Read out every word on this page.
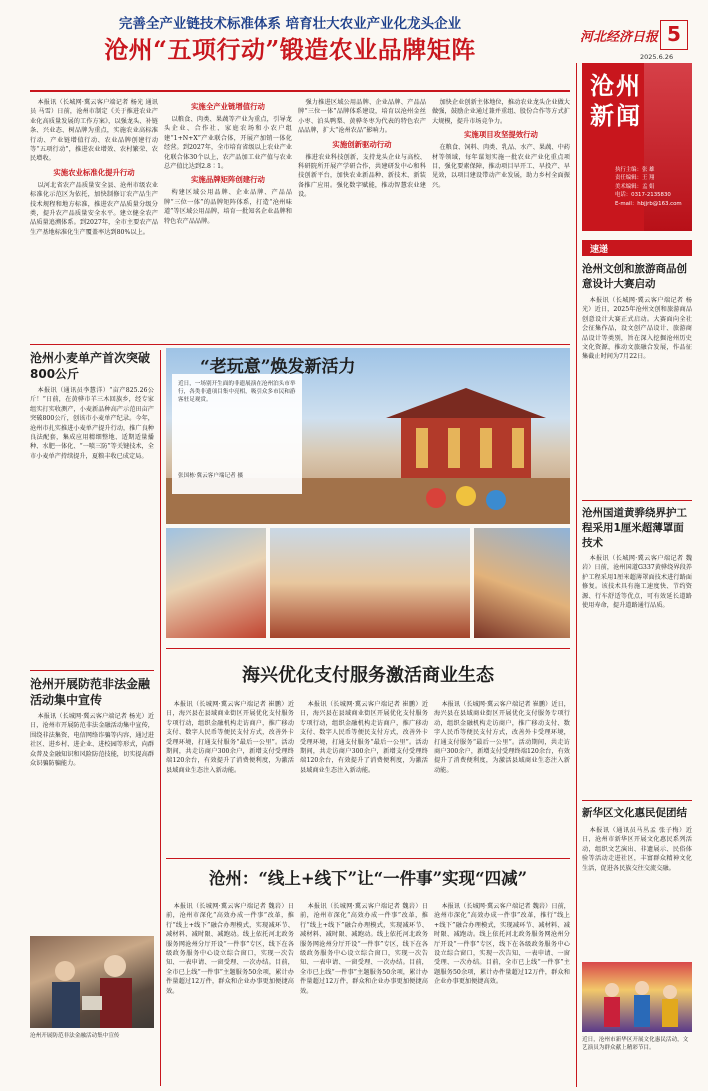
完善全产业链技术标准体系 培育壮大农业产业化龙头企业
沧州“五项行动”锻造农业品牌矩阵	河北经济日报 5
2025.6.26
沧州新闻
执行主编：张 雄
责任编辑：王 翔
美术编辑：孟 娟
电话：0317-2135830
E-mail：hbjjrb@163.com
速递

本报讯（长城网·冀云客户端记者 杨光 通讯员 马雪）日前，沧州市制定《关于推进农业产业化高质量发展的工作方案》，以强龙头、补链条、兴业态、树品牌为重点，实施农业高标准行动、产业链增值行动、农业品牌创建行动等“五项行动”，推进农业增效、农村繁荣、农民增收。

实施农业标准化提升行动

以河北省农产品质量安全县、沧州市级农业标准化示范区为依托，加快制修订农产品生产技术规程和地方标准，推进农产品质量分级分类，提升农产品质量安全水平。建立健全农产品质量追溯体系。到2027年，全市主要农产品生产基地标准化生产覆盖率达到80%以上。

实施全产业链增值行动

以粮食、肉类、果蔬等产业为重点，引导龙头企业、合作社、家庭农场和小农户组建“1+N+X”产业联合体，开展产加销一体化经营。到2027年，全市培育省级以上农业产业化联合体30个以上，农产品加工业产值与农业总产值比达到2.8∶1。

实施品牌矩阵创建行动

构建区域公用品牌、企业品牌、产品品牌“三位一体”的品牌矩阵体系，打造“沧州味道”等区域公用品牌，培育一批知名企业品牌和特色农产品品牌。

强力推进区域公用品牌、企业品牌、产品品牌“三位一体”品牌体系建设，培育以沧州金丝小枣、泊头鸭梨、黄骅冬枣为代表的特色农产品品牌，扩大“沧州农品”影响力。

实施创新驱动行动

推进农业科技创新，支持龙头企业与高校、科研院所开展产学研合作，共建研发中心和科技创新平台，加快农业新品种、新技术、新装备推广应用。强化数字赋能，推动智慧农业建设。

加快企业创新主体地位，推动农业龙头企业做大做强，鼓励企业通过兼并重组、股份合作等方式扩大规模，提升市场竞争力。

实施项目攻坚提效行动

在粮食、饲料、肉类、乳品、水产、果蔬、中药材等领域，每年谋划实施一批农业产业化重点项目，强化要素保障，推动项目早开工、早投产、早见效，以项目建设带动产业发展，助力乡村全面振兴。

沧州小麦单产首次突破800公斤

本报讯（通讯员李慧洋）“亩产825.26公斤！”日前，在黄骅市羊三木回族乡，经专家组实打实收测产，小麦新品种高产示范田亩产突破800公斤，创该市小麦单产纪录。今年，沧州市扎实推进小麦单产提升行动，推广良种良法配套，集成应用精细整地、适期适量播种、水肥一体化、“一喷三防”等关键技术，全市小麦单产持续提升，夏粮丰收已成定局。

沧州开展防范非法金融活动集中宣传

本报讯（长城网·冀云客户端记者 杨光）近日，沧州市开展防范非法金融活动集中宣传，围绕非法集资、电信网络诈骗等内容，通过进社区、进乡村、进企业、进校园等形式，向群众普及金融知识和风险防范技能，切实提高群众识骗防骗能力。

沧州开展防范非法金融活动集中宣传
近日，一场别开生面的非遗展演在沧州泊头市举行，各类非遗项目集中亮相，吸引众多市民和游客驻足观赏。
张国栋·冀云客户端记者 摄
“老玩意”焕发新活力
海兴优化支付服务激活商业生态

本报讯（长城网·冀云客户端记者 崔鹏）近日，海兴县在县域商业街区开展优化支付服务专项行动，组织金融机构走访商户，推广移动支付、数字人民币等便民支付方式，改善外卡受理环境，打通支付服务“最后一公里”。活动期间，共走访商户300余户，新增支付受理终端120余台，有效提升了消费便利度，为激活县域商业生态注入新动能。

本报讯（长城网·冀云客户端记者 崔鹏）近日，海兴县在县域商业街区开展优化支付服务专项行动，组织金融机构走访商户，推广移动支付、数字人民币等便民支付方式，改善外卡受理环境，打通支付服务“最后一公里”。活动期间，共走访商户300余户，新增支付受理终端120余台，有效提升了消费便利度，为激活县域商业生态注入新动能。

本报讯（长城网·冀云客户端记者 崔鹏）近日，海兴县在县域商业街区开展优化支付服务专项行动，组织金融机构走访商户，推广移动支付、数字人民币等便民支付方式，改善外卡受理环境，打通支付服务“最后一公里”。活动期间，共走访商户300余户，新增支付受理终端120余台，有效提升了消费便利度，为激活县域商业生态注入新动能。

沧州：“线上+线下”让“一件事”实现“四减”

本报讯（长城网·冀云客户端记者 魏岩）日前，沧州市深化“高效办成一件事”改革，推行“线上+线下”融合办理模式，实现减环节、减材料、减时限、减跑动。线上依托河北政务服务网沧州分厅开设“一件事”专区，线下在各级政务服务中心设立综合窗口，实现一次告知、一表申请、一窗受理、一次办结。目前，全市已上线“一件事”主题服务50余项，累计办件量超过12万件，群众和企业办事更加便捷高效。

本报讯（长城网·冀云客户端记者 魏岩）日前，沧州市深化“高效办成一件事”改革，推行“线上+线下”融合办理模式，实现减环节、减材料、减时限、减跑动。线上依托河北政务服务网沧州分厅开设“一件事”专区，线下在各级政务服务中心设立综合窗口，实现一次告知、一表申请、一窗受理、一次办结。目前，全市已上线“一件事”主题服务50余项，累计办件量超过12万件，群众和企业办事更加便捷高效。

本报讯（长城网·冀云客户端记者 魏岩）日前，沧州市深化“高效办成一件事”改革，推行“线上+线下”融合办理模式，实现减环节、减材料、减时限、减跑动。线上依托河北政务服务网沧州分厅开设“一件事”专区，线下在各级政务服务中心设立综合窗口，实现一次告知、一表申请、一窗受理、一次办结。目前，全市已上线“一件事”主题服务50余项，累计办件量超过12万件，群众和企业办事更加便捷高效。

沧州文创和旅游商品创意设计大赛启动

本报讯（长城网·冀云客户端记者 杨光）近日，2025年沧州文创和旅游商品创意设计大赛正式启动。大赛面向全社会征集作品，设文创产品设计、旅游商品设计等类别，旨在深入挖掘沧州历史文化资源，推动文旅融合发展，作品征集截止时间为7月22日。

沧州国道黄骅绕界护工程采用1厘米超薄罩面技术

本报讯（长城网·冀云客户端记者 魏岩）日前，沧州国道G337黄骅绕界段养护工程采用1厘米超薄罩面技术进行路面修复。该技术具有施工速度快、节约资源、行车舒适等优点，可有效延长道路使用寿命，提升道路通行品质。

新华区文化惠民促团结

本报讯（通讯员马丛孟 张子梅）近日，沧州市新华区开展文化惠民系列活动，组织文艺演出、非遗展示、民俗体验等活动走进社区，丰富群众精神文化生活，促进各民族交往交流交融。

近日，沧州市新华区开展文化惠民活动，文艺演员为群众献上精彩节目。
